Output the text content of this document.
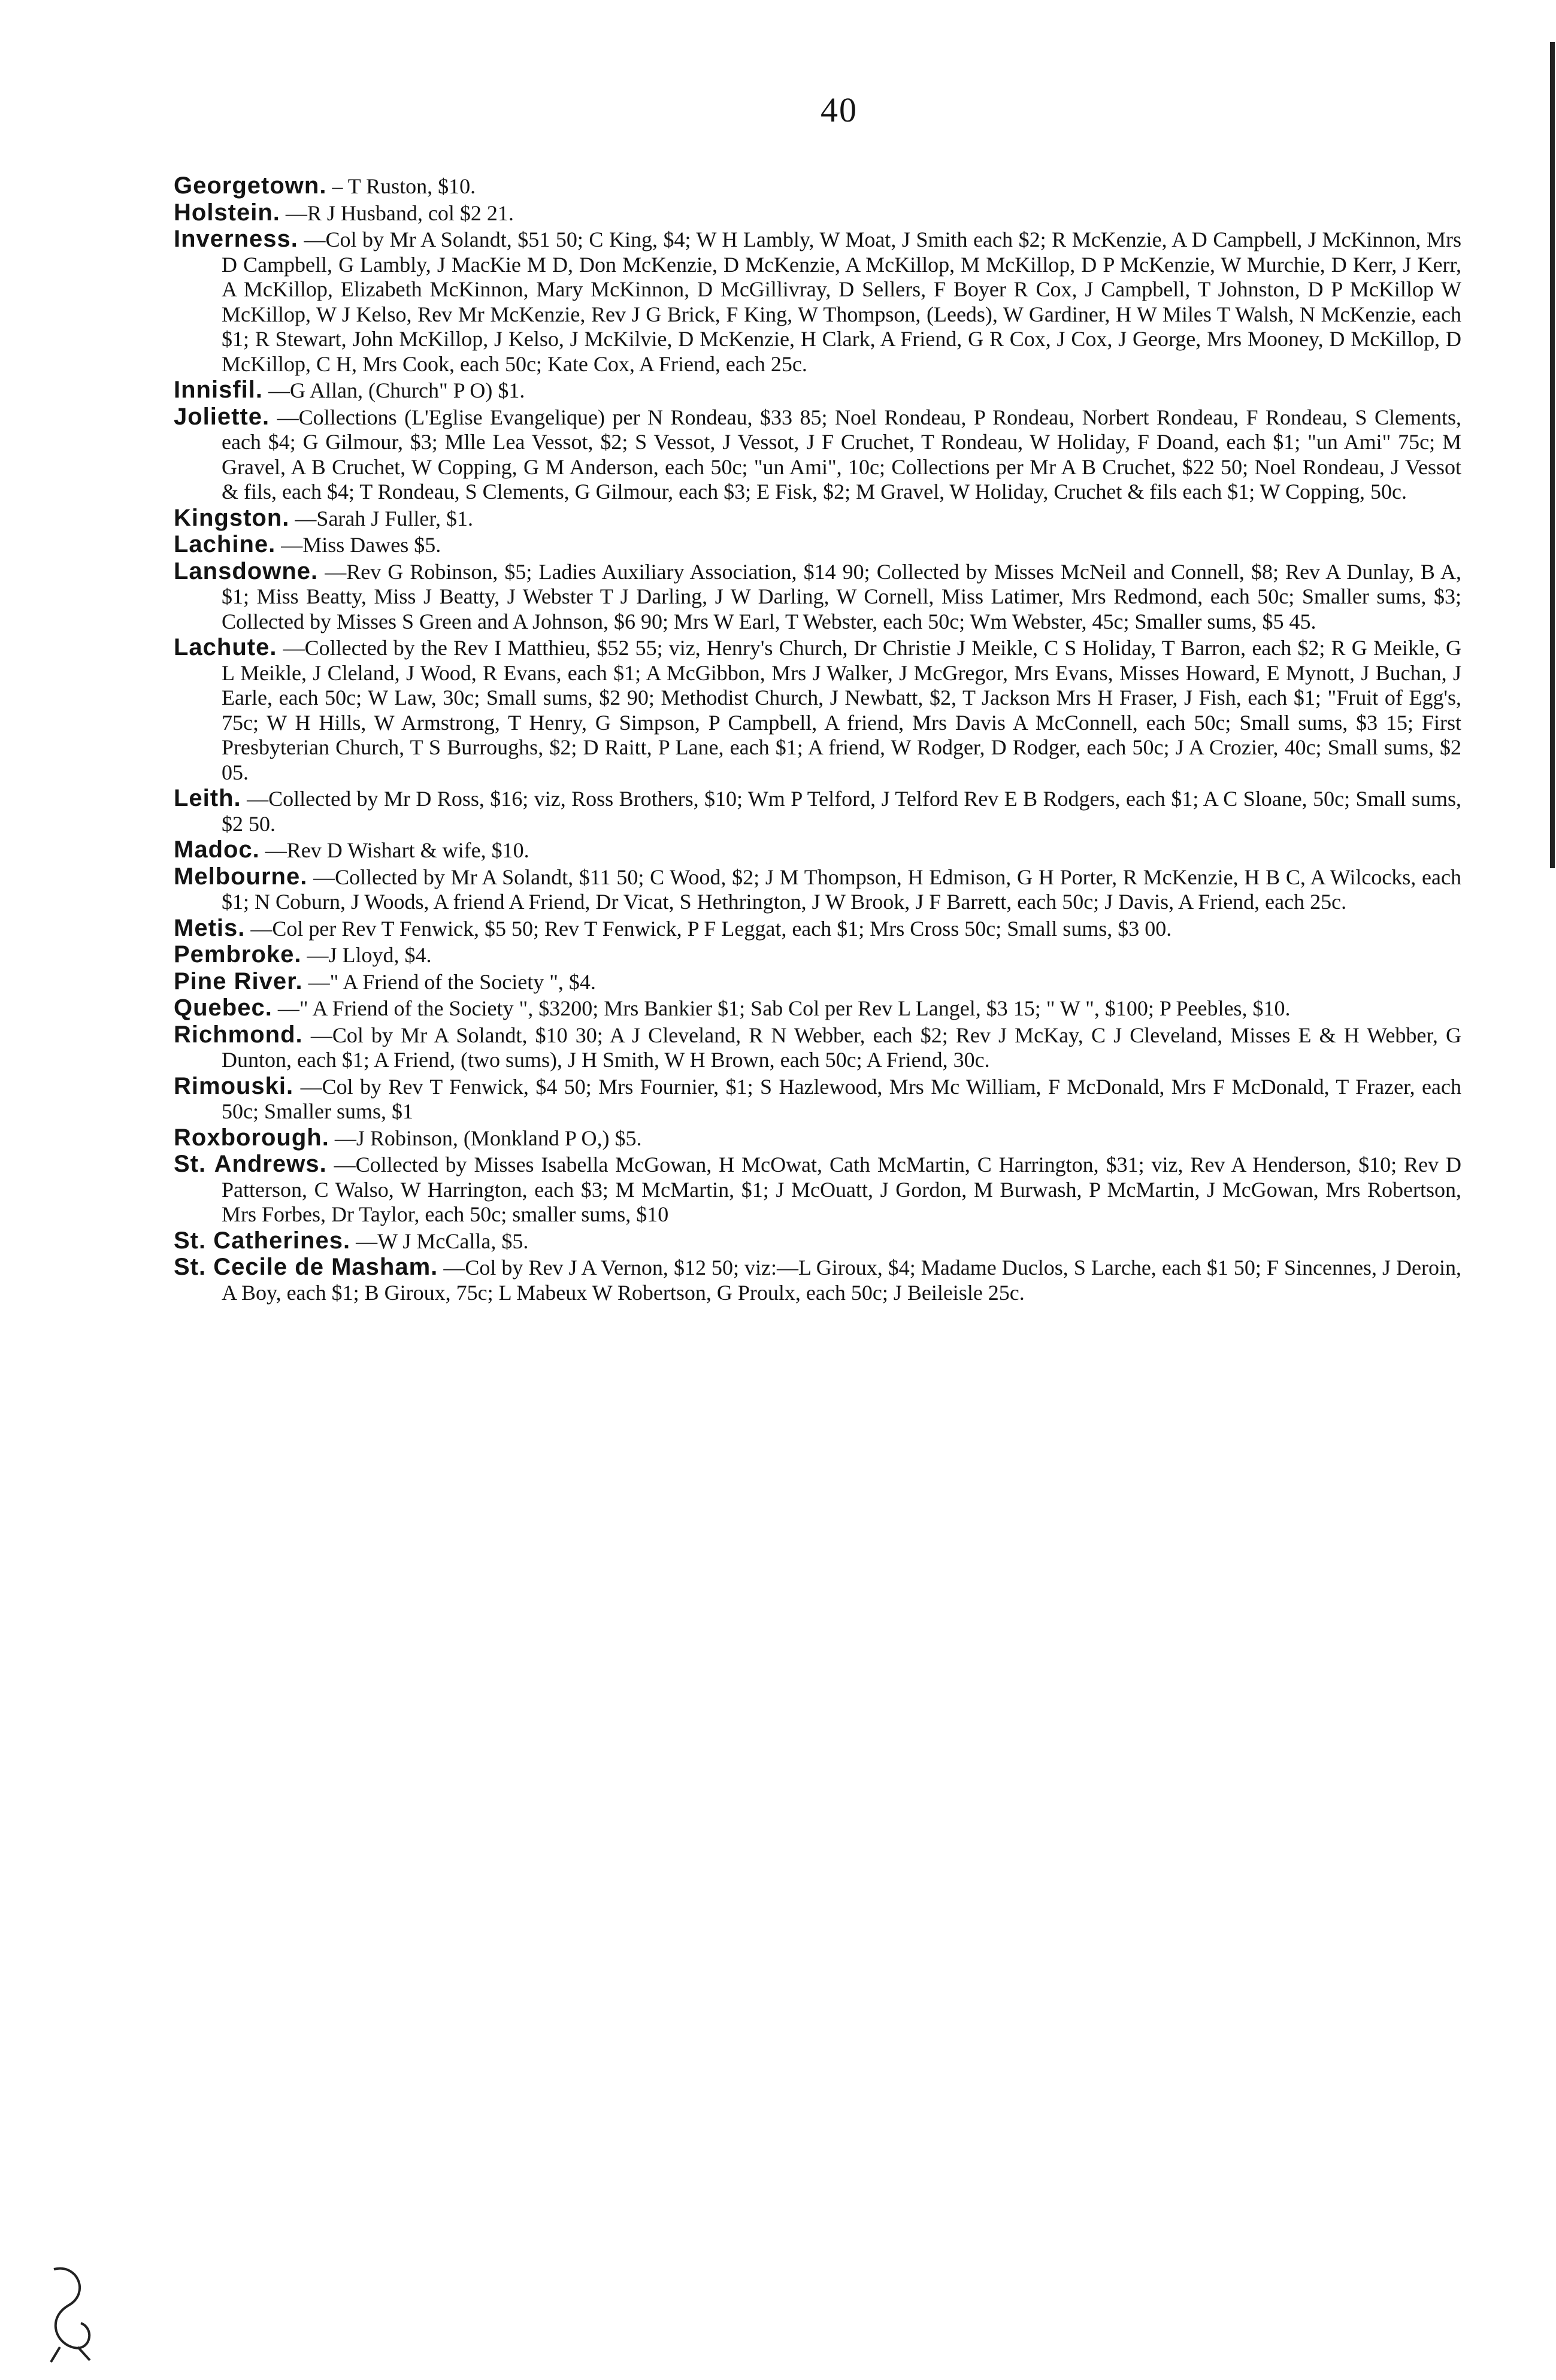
40

Georgetown. – T Ruston, $10.

Holstein. —R J Husband, col $2 21.

Inverness. —Col by Mr A Solandt, $51 50; C King, $4; W H Lambly, W Moat, J Smith each $2; R McKenzie, A D Campbell, J McKinnon, Mrs D Campbell, G Lambly, J MacKie M D, Don McKenzie, D McKenzie, A McKillop, M McKillop, D P McKenzie, W Murchie, D Kerr, J Kerr, A McKillop, Elizabeth McKinnon, Mary McKinnon, D McGillivray, D Sellers, F Boyer R Cox, J Campbell, T Johnston, D P McKillop W McKillop, W J Kelso, Rev Mr McKenzie, Rev J G Brick, F King, W Thompson, (Leeds), W Gardiner, H W Miles T Walsh, N McKenzie, each $1; R Stewart, John McKillop, J Kelso, J McKilvie, D McKenzie, H Clark, A Friend, G R Cox, J Cox, J George, Mrs Mooney, D McKillop, D McKillop, C H, Mrs Cook, each 50c; Kate Cox, A Friend, each 25c.

Innisfil. —G Allan, (Church" P O) $1.

Joliette. —Collections (L'Eglise Evangelique) per N Rondeau, $33 85; Noel Rondeau, P Rondeau, Norbert Rondeau, F Rondeau, S Clements, each $4; G Gilmour, $3; Mlle Lea Vessot, $2; S Vessot, J Vessot, J F Cruchet, T Rondeau, W Holiday, F Doand, each $1; "un Ami" 75c; M Gravel, A B Cruchet, W Copping, G M Anderson, each 50c; "un Ami", 10c; Collections per Mr A B Cruchet, $22 50; Noel Rondeau, J Vessot & fils, each $4; T Rondeau, S Clements, G Gilmour, each $3; E Fisk, $2; M Gravel, W Holiday, Cruchet & fils each $1; W Copping, 50c.

Kingston. —Sarah J Fuller, $1.

Lachine. —Miss Dawes $5.

Lansdowne. —Rev G Robinson, $5; Ladies Auxiliary Association, $14 90; Collected by Misses McNeil and Connell, $8; Rev A Dunlay, B A, $1; Miss Beatty, Miss J Beatty, J Webster T J Darling, J W Darling, W Cornell, Miss Latimer, Mrs Redmond, each 50c; Smaller sums, $3; Collected by Misses S Green and A Johnson, $6 90; Mrs W Earl, T Webster, each 50c; Wm Webster, 45c; Smaller sums, $5 45.

Lachute. —Collected by the Rev I Matthieu, $52 55; viz, Henry's Church, Dr Christie J Meikle, C S Holiday, T Barron, each $2; R G Meikle, G L Meikle, J Cleland, J Wood, R Evans, each $1; A McGibbon, Mrs J Walker, J McGregor, Mrs Evans, Misses Howard, E Mynott, J Buchan, J Earle, each 50c; W Law, 30c; Small sums, $2 90; Methodist Church, J Newbatt, $2, T Jackson Mrs H Fraser, J Fish, each $1; "Fruit of Egg's, 75c; W H Hills, W Armstrong, T Henry, G Simpson, P Campbell, A friend, Mrs Davis A McConnell, each 50c; Small sums, $3 15; First Presbyterian Church, T S Burroughs, $2; D Raitt, P Lane, each $1; A friend, W Rodger, D Rodger, each 50c; J A Crozier, 40c; Small sums, $2 05.

Leith. —Collected by Mr D Ross, $16; viz, Ross Brothers, $10; Wm P Telford, J Telford Rev E B Rodgers, each $1; A C Sloane, 50c; Small sums, $2 50.

Madoc. —Rev D Wishart & wife, $10.

Melbourne. —Collected by Mr A Solandt, $11 50; C Wood, $2; J M Thompson, H Edmison, G H Porter, R McKenzie, H B C, A Wilcocks, each $1; N Coburn, J Woods, A friend A Friend, Dr Vicat, S Hethrington, J W Brook, J F Barrett, each 50c; J Davis, A Friend, each 25c.

Metis. —Col per Rev T Fenwick, $5 50; Rev T Fenwick, P F Leggat, each $1; Mrs Cross 50c; Small sums, $3 00.

Pembroke. —J Lloyd, $4.

Pine River. —" A Friend of the Society ", $4.

Quebec. —" A Friend of the Society ", $3200; Mrs Bankier $1; Sab Col per Rev L Langel, $3 15; " W ", $100; P Peebles, $10.

Richmond. —Col by Mr A Solandt, $10 30; A J Cleveland, R N Webber, each $2; Rev J McKay, C J Cleveland, Misses E & H Webber, G Dunton, each $1; A Friend, (two sums), J H Smith, W H Brown, each 50c; A Friend, 30c.

Rimouski. —Col by Rev T Fenwick, $4 50; Mrs Fournier, $1; S Hazlewood, Mrs Mc William, F McDonald, Mrs F McDonald, T Frazer, each 50c; Smaller sums, $1

Roxborough. —J Robinson, (Monkland P O,) $5.

St. Andrews. —Collected by Misses Isabella McGowan, H McOwat, Cath McMartin, C Harrington, $31; viz, Rev A Henderson, $10; Rev D Patterson, C Walso, W Harrington, each $3; M McMartin, $1; J McOuatt, J Gordon, M Burwash, P McMartin, J McGowan, Mrs Robertson, Mrs Forbes, Dr Taylor, each 50c; smaller sums, $10

St. Catherines. —W J McCalla, $5.

St. Cecile de Masham. —Col by Rev J A Vernon, $12 50; viz:—L Giroux, $4; Madame Duclos, S Larche, each $1 50; F Sincennes, J Deroin, A Boy, each $1; B Giroux, 75c; L Mabeux W Robertson, G Proulx, each 50c; J Beileisle 25c.
